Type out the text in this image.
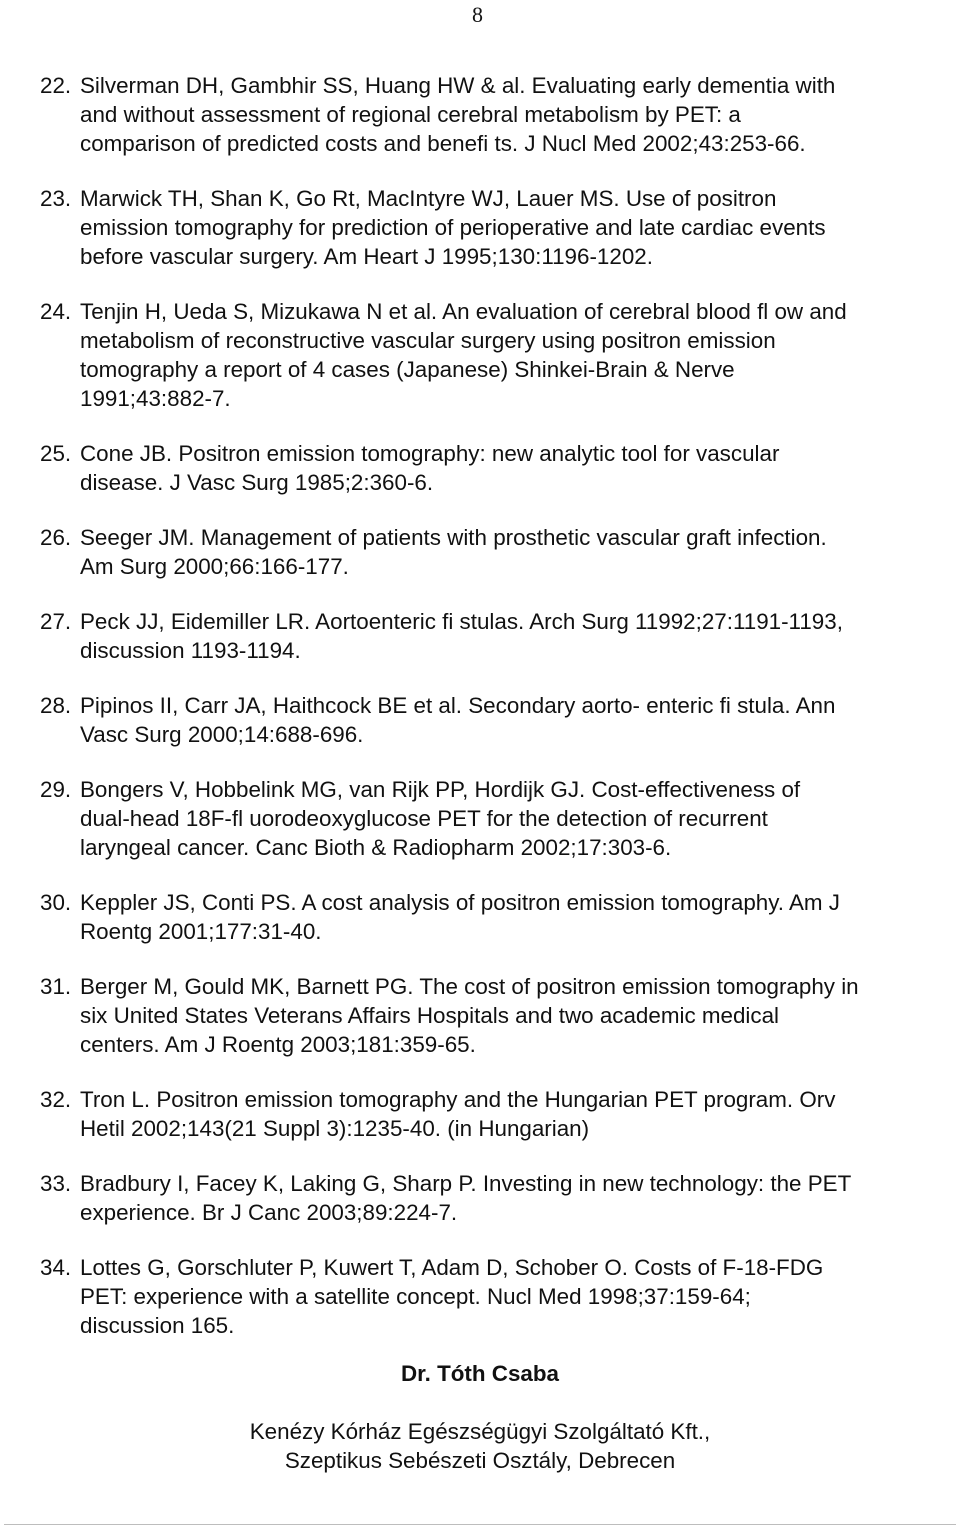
8
22. Silverman DH, Gambhir SS, Huang HW & al. Evaluating early dementia with
and without assessment of regional cerebral metabolism by PET: a
comparison of predicted costs and benefi ts. J Nucl Med 2002;43:253-66.
23. Marwick TH, Shan K, Go Rt, MacIntyre WJ, Lauer MS. Use of positron
emission tomography for prediction of perioperative and late cardiac events
before vascular surgery. Am Heart J 1995;130:1196-1202.
24. Tenjin H, Ueda S, Mizukawa N et al. An evaluation of cerebral blood fl ow and
metabolism of reconstructive vascular surgery using positron emission
tomography a report of 4 cases (Japanese) Shinkei-Brain & Nerve
1991;43:882-7.
25. Cone JB. Positron emission tomography: new analytic tool for vascular
disease. J Vasc Surg 1985;2:360-6.
26. Seeger JM. Management of patients with prosthetic vascular graft infection.
Am Surg 2000;66:166-177.
27. Peck JJ, Eidemiller LR. Aortoenteric fi stulas. Arch Surg 11992;27:1191-1193,
discussion 1193-1194.
28. Pipinos II, Carr JA, Haithcock BE et al. Secondary aorto- enteric fi stula. Ann
Vasc Surg 2000;14:688-696.
29. Bongers V, Hobbelink MG, van Rijk PP, Hordijk GJ. Cost-effectiveness of
dual-head 18F-fl uorodeoxyglucose PET for the detection of recurrent
laryngeal cancer. Canc Bioth & Radiopharm 2002;17:303-6.
30. Keppler JS, Conti PS. A cost analysis of positron emission tomography. Am J
Roentg 2001;177:31-40.
31. Berger M, Gould MK, Barnett PG. The cost of positron emission tomography in
six United States Veterans Affairs Hospitals and two academic medical
centers. Am J Roentg 2003;181:359-65.
32. Tron L. Positron emission tomography and the Hungarian PET program. Orv
Hetil 2002;143(21 Suppl 3):1235-40. (in Hungarian)
33. Bradbury I, Facey K, Laking G, Sharp P. Investing in new technology: the PET
experience. Br J Canc 2003;89:224-7.
34. Lottes G, Gorschluter P, Kuwert T, Adam D, Schober O. Costs of F-18-FDG
PET: experience with a satellite concept. Nucl Med 1998;37:159-64;
discussion 165.
Dr. Tóth Csaba
Kenézy Kórház Egészségügyi Szolgáltató Kft.,
Szeptikus Sebészeti Osztály, Debrecen
